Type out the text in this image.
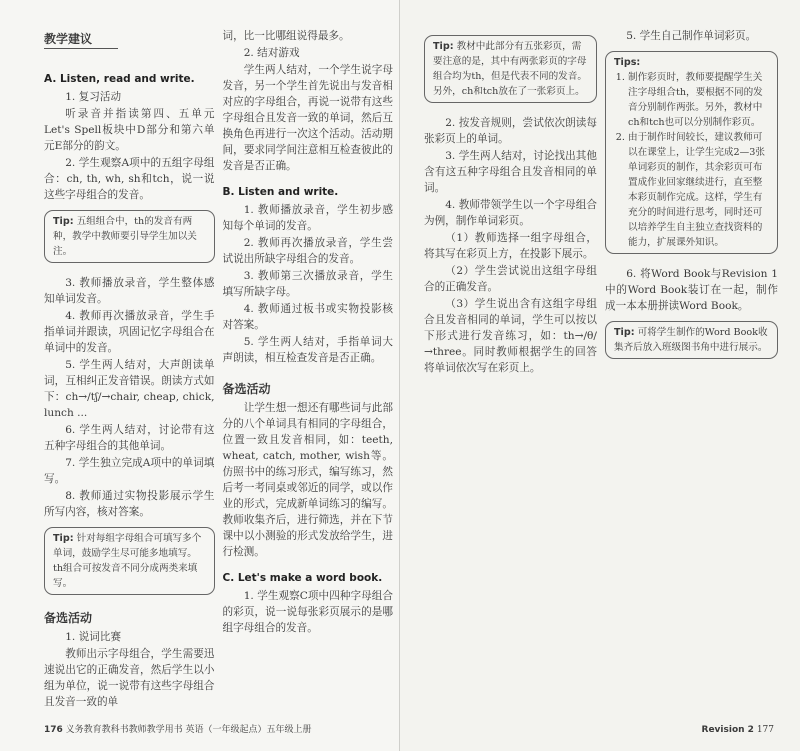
教学建议
A. Listen, read and write.
1. 复习活动
听录音并指读第四、五单元Let's Spell板块中D部分和第六单元E部分的韵文。
2. 学生观察A项中的五组字母组合：ch, th, wh, sh和tch，说一说这些字母组合的发音。
Tip: 五组组合中，th的发音有两种，教学中教师要引导学生加以关注。
3. 教师播放录音，学生整体感知单词发音。
4. 教师再次播放录音，学生手指单词并跟读，巩固记忆字母组合在单词中的发音。
5. 学生两人结对，大声朗读单词，互相纠正发音错误。朗读方式如下：ch→/tʃ/→chair, cheap, chick, lunch ...
6. 学生两人结对，讨论带有这五种字母组合的其他单词。
7. 学生独立完成A项中的单词填写。
8. 教师通过实物投影展示学生所写内容，核对答案。
Tip: 针对每组字母组合可填写多个单词，鼓励学生尽可能多地填写。th组合可按发音不同分成两类来填写。
备选活动
1. 说词比赛
教师出示字母组合，学生需要迅速说出它的正确发音，然后学生以小组为单位，说一说带有这些字母组合且发音一致的单
词，比一比哪组说得最多。
2. 结对游戏
学生两人结对，一个学生说字母发音，另一个学生首先说出与发音相对应的字母组合，再说一说带有这些字母组合且发音一致的单词，然后互换角色再进行一次这个活动。活动期间，要求同学间注意相互检查彼此的发音是否正确。
B. Listen and write.
1. 教师播放录音，学生初步感知每个单词的发音。
2. 教师再次播放录音，学生尝试说出所缺字母组合的发音。
3. 教师第三次播放录音，学生填写所缺字母。
4. 教师通过板书或实物投影核对答案。
5. 学生两人结对，手指单词大声朗读，相互检查发音是否正确。
备选活动
让学生想一想还有哪些词与此部分的八个单词具有相同的字母组合，位置一致且发音相同，如：teeth, wheat, catch, mother, wish等。仿照书中的练习形式，编写练习，然后考一考同桌或邻近的同学，或以作业的形式，完成新单词练习的编写。教师收集齐后，进行筛选，并在下节课中以小测验的形式发放给学生，进行检测。
C. Let's make a word book.
1. 学生观察C项中四种字母组合的彩页，说一说每张彩页展示的是哪组字母组合的发音。
176 义务教育教科书教师教学用书 英语（一年级起点）五年级上册
Tip: 教材中此部分有五张彩页，需要注意的是，其中有两张彩页的字母组合均为th，但是代表不同的发音。另外，ch和tch放在了一张彩页上。
2. 按发音规则，尝试依次朗读每张彩页上的单词。
3. 学生两人结对，讨论找出其他含有这五种字母组合且发音相同的单词。
4. 教师带领学生以一个字母组合为例，制作单词彩页。
（1）教师选择一组字母组合，将其写在彩页上方，在投影下展示。
（2）学生尝试说出这组字母组合的正确发音。
（3）学生说出含有这组字母组合且发音相同的单词，学生可以按以下形式进行发音练习，如：th→/θ/→three。同时教师根据学生的回答将单词依次写在彩页上。
5. 学生自己制作单词彩页。
Tips:
1. 制作彩页时，教师要提醒学生关注字母组合th，要根据不同的发音分别制作两张。另外，教材中ch和tch也可以分别制作彩页。
2. 由于制作时间较长，建议教师可以在课堂上，让学生完成2—3张单词彩页的制作，其余彩页可布置成作业回家继续进行，直至整本彩页制作完成。这样，学生有充分的时间进行思考，同时还可以培养学生自主独立查找资料的能力，扩展课外知识。
6. 将Word Book与Revision 1中的Word Book装订在一起，制作成一本本册拼读Word Book。
Tip: 可将学生制作的Word Book收集齐后放入班级图书角中进行展示。
Revision 2 177
